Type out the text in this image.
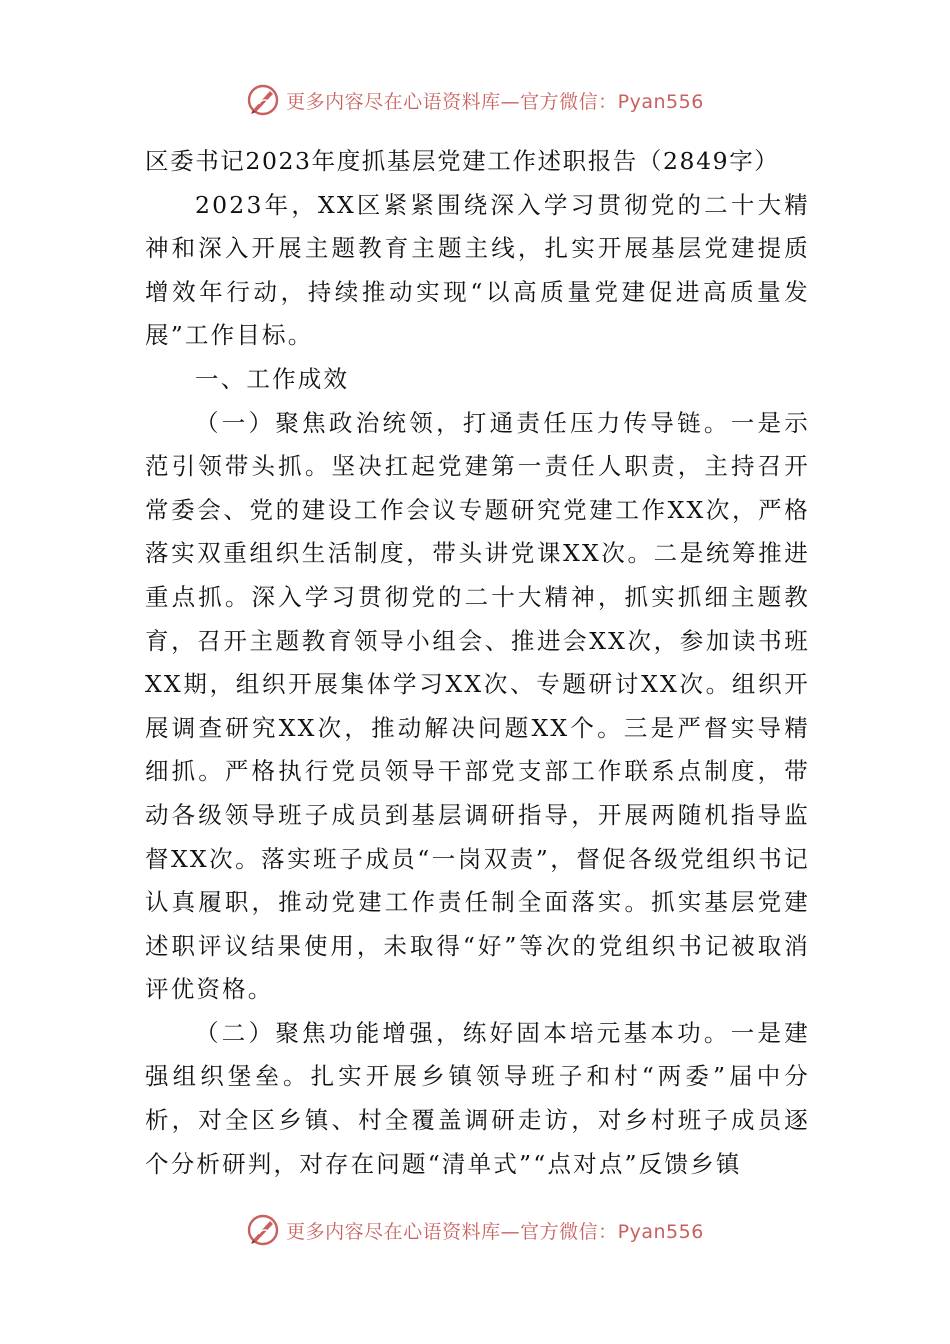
更多内容尽在心语资料库—官方微信：Pyan556

区委书记2023年度抓基层党建工作述职报告（2849字）

2023年，XX区紧紧围绕深入学习贯彻党的二十大精神和深入开展主题教育主题主线，扎实开展基层党建提质增效年行动，持续推动实现“以高质量党建促进高质量发展”工作目标。

一、工作成效

（一）聚焦政治统领，打通责任压力传导链。一是示范引领带头抓。坚决扛起党建第一责任人职责，主持召开常委会、党的建设工作会议专题研究党建工作XX次，严格落实双重组织生活制度，带头讲党课XX次。二是统筹推进重点抓。深入学习贯彻党的二十大精神，抓实抓细主题教育，召开主题教育领导小组会、推进会XX次，参加读书班XX期，组织开展集体学习XX次、专题研讨XX次。组织开展调查研究XX次，推动解决问题XX个。三是严督实导精细抓。严格执行党员领导干部党支部工作联系点制度，带动各级领导班子成员到基层调研指导，开展两随机指导监督XX次。落实班子成员“一岗双责”，督促各级党组织书记认真履职，推动党建工作责任制全面落实。抓实基层党建述职评议结果使用，未取得“好”等次的党组织书记被取消评优资格。

（二）聚焦功能增强，练好固本培元基本功。一是建强组织堡垒。扎实开展乡镇领导班子和村“两委”届中分析，对全区乡镇、村全覆盖调研走访，对乡村班子成员逐个分析研判，对存在问题“清单式”“点对点”反馈乡镇

更多内容尽在心语资料库—官方微信：Pyan556
